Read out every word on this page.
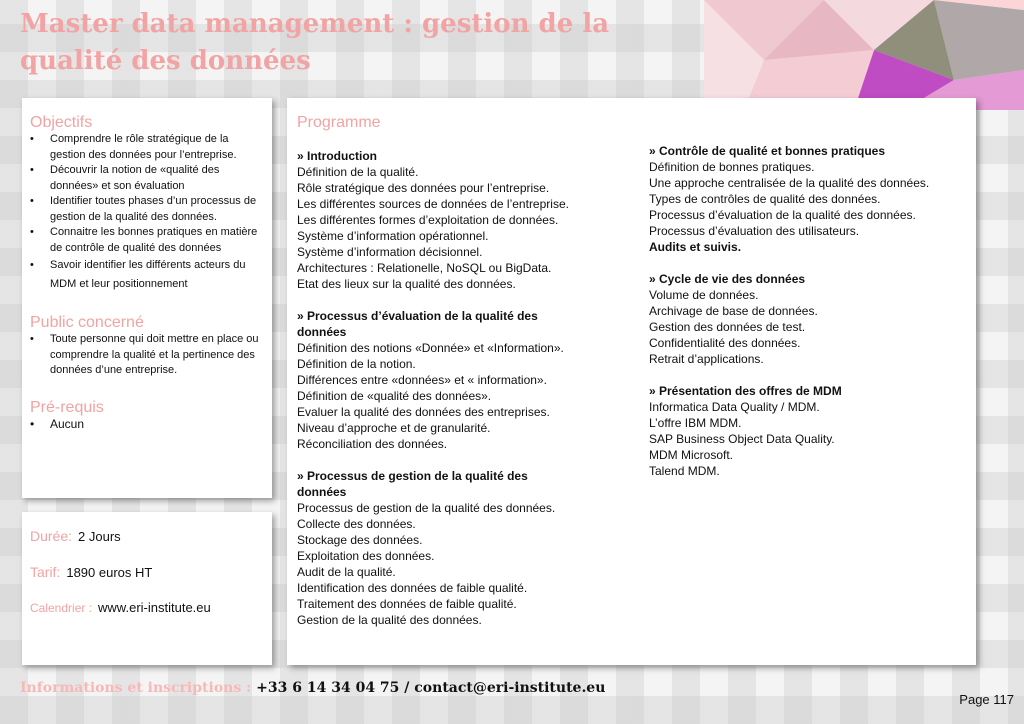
Master data management : gestion de la qualité des données
Objectifs
• Comprendre le rôle stratégique de la gestion des données pour l’entreprise.
• Découvrir la notion de «qualité des données» et son évaluation
• Identifier toutes phases d’un processus de gestion de la qualité des données.
• Connaitre les bonnes pratiques en matière de contrôle de qualité des données
• Savoir identifier les différents acteurs du MDM et leur positionnement
Public concerné
• Toute personne qui doit mettre en place ou comprendre la qualité et la pertinence des données d’une entreprise.
Pré-requis
• Aucun
Durée: 2 Jours
Tarif: 1890 euros HT
Calendrier : www.eri-institute.eu
Programme
» Introduction
Définition de la qualité.
Rôle stratégique des données pour l’entreprise.
Les différentes sources de données de l’entreprise.
Les différentes formes d’exploitation de données.
Système d’information opérationnel.
Système d’information décisionnel.
Architectures : Relationelle, NoSQL ou BigData.
Etat des lieux sur la qualité des données.
» Processus d’évaluation de la qualité des données
Définition des notions «Donnée» et «Information».
Définition de la notion.
Différences entre «données» et « information».
Définition de «qualité des données».
Evaluer la qualité des données des entreprises.
Niveau d’approche et de granularité.
Réconciliation des données.
» Processus de gestion de la qualité des données
Processus de gestion de la qualité des données.
Collecte des données.
Stockage des données.
Exploitation des données.
Audit de la qualité.
Identification des données de faible qualité.
Traitement des données de faible qualité.
Gestion de la qualité des données.
» Contrôle de qualité et bonnes pratiques
Définition de bonnes pratiques.
Une approche centralisée de la qualité des données.
Types de contrôles de qualité des données.
Processus d’évaluation de la qualité des données.
Processus d’évaluation des utilisateurs.
Audits et suivis.
» Cycle de vie des données
Volume de données.
Archivage de base de données.
Gestion des données de test.
Confidentialité des données.
Retrait d’applications.
» Présentation des offres de MDM
Informatica Data Quality / MDM.
L’offre IBM MDM.
SAP Business Object Data Quality.
MDM Microsoft.
Talend MDM.
Informations et inscriptions : +33 6 14 34 04 75 / contact@eri-institute.eu
Page 117
